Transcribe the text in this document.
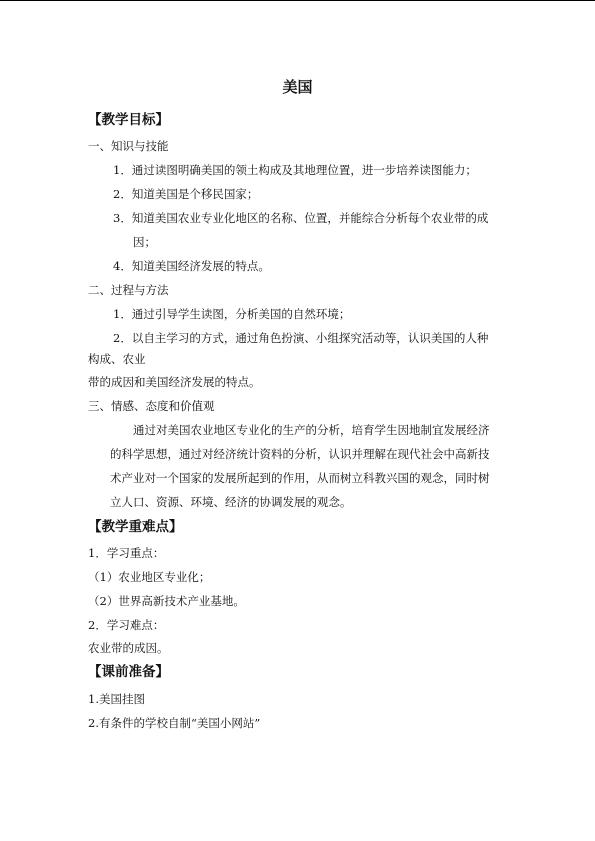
美国
【教学目标】
一、知识与技能
1．通过读图明确美国的领土构成及其地理位置，进一步培养读图能力；
2．知道美国是个移民国家；
3．知道美国农业专业化地区的名称、位置，并能综合分析每个农业带的成
因；
4．知道美国经济发展的特点。
二、过程与方法
1．通过引导学生读图，分析美国的自然环境；
2．以自主学习的方式，通过角色扮演、小组探究活动等，认识美国的人种
构成、农业
带的成因和美国经济发展的特点。
三、情感、态度和价值观
通过对美国农业地区专业化的生产的分析，培育学生因地制宜发展经济
的科学思想，通过对经济统计资料的分析，认识并理解在现代社会中高新技
术产业对一个国家的发展所起到的作用，从而树立科教兴国的观念，同时树
立人口、资源、环境、经济的协调发展的观念。
【教学重难点】
1．学习重点：
（1）农业地区专业化；
（2）世界高新技术产业基地。
2．学习难点：
农业带的成因。
【课前准备】
1.美国挂图
2.有条件的学校自制“美国小网站”
